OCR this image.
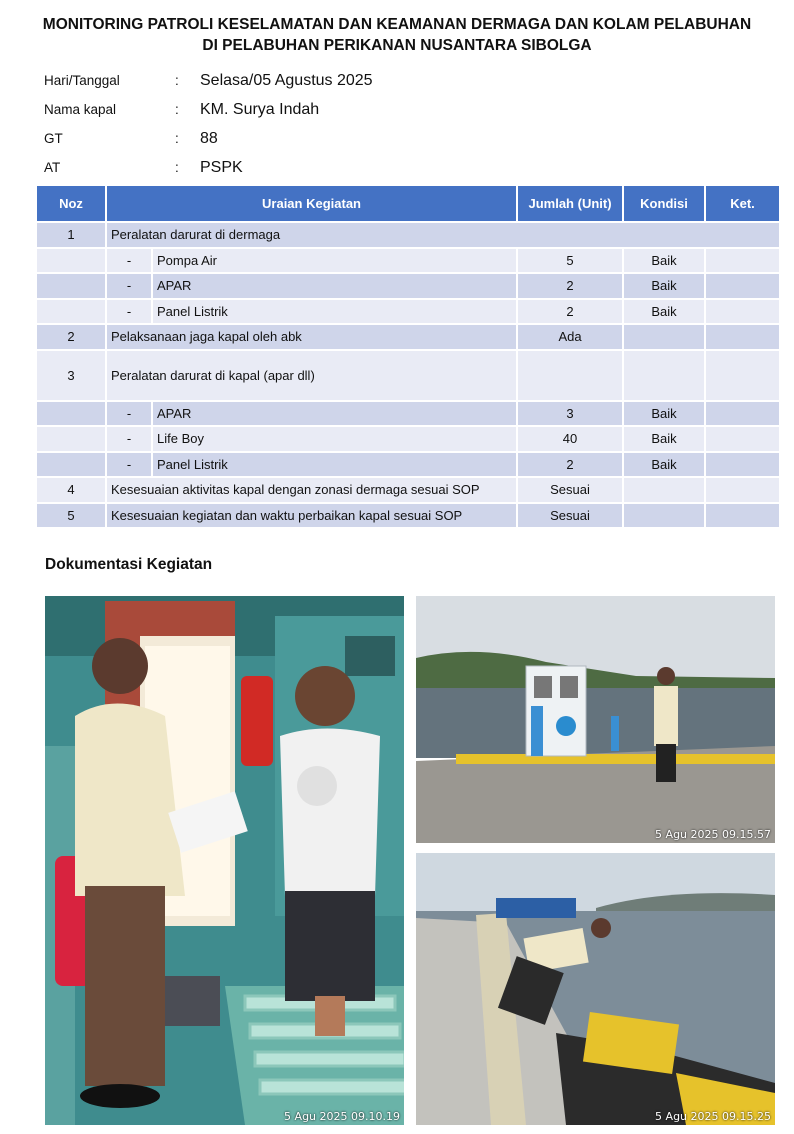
MONITORING PATROLI KESELAMATAN DAN KEAMANAN DERMAGA DAN KOLAM PELABUHAN
DI PELABUHAN PERIKANAN NUSANTARA SIBOLGA
Hari/Tanggal	:	Selasa/05 Agustus 2025
Nama kapal	:	KM. Surya Indah
GT	:	88
AT	:	PSPK
Noz	Uraian Kegiatan		Jumlah (Unit)	Kondisi	Ket.
1	Peralatan darurat di dermaga				
	-	Pompa Air	5	Baik	
	-	APAR	2	Baik	
	-	Panel Listrik	2	Baik	
2	Pelaksanaan jaga kapal oleh abk		Ada		
3	Peralatan darurat di kapal (apar dll)				
	-	APAR	3	Baik	
	-	Life Boy	40	Baik	
	-	Panel Listrik	2	Baik	
4	Kesesuaian aktivitas kapal dengan zonasi dermaga sesuai SOP		Sesuai		
5	Kesesuaian kegiatan dan waktu perbaikan kapal sesuai SOP		Sesuai		
Dokumentasi Kegiatan
5 Agu 2025 09.10.19
5 Agu 2025 09.15.57
5 Agu 2025 09.15.25
